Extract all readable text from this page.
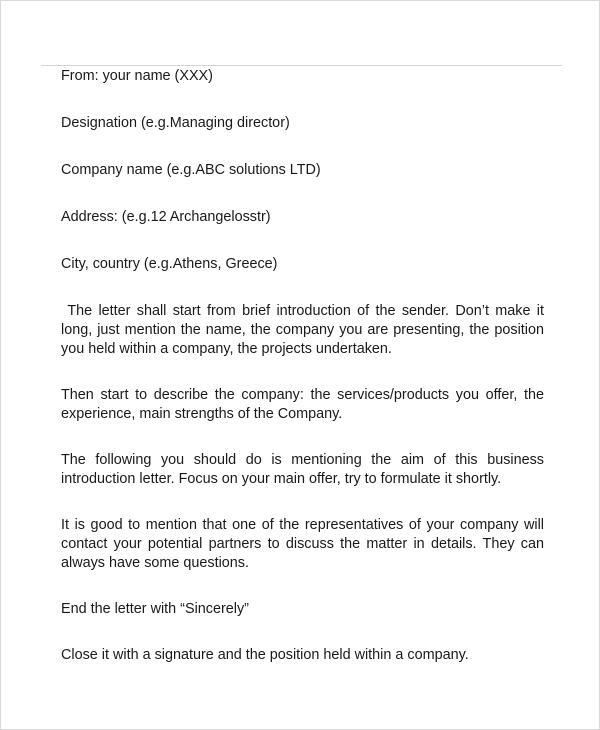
From: your name (XXX)

Designation (e.g.Managing director)

Company name (e.g.ABC solutions LTD)

Address: (e.g.12 Archangelosstr)

City, country (e.g.Athens, Greece)

The letter shall start from brief introduction of the sender. Don’t make it long, just mention the name, the company you are presenting, the position you held within a company, the projects undertaken.

Then start to describe the company: the services/products you offer, the experience, main strengths of the Company.

The following you should do is mentioning the aim of this business introduction letter. Focus on your main offer, try to formulate it shortly.

It is good to mention that one of the representatives of your company will contact your potential partners to discuss the matter in details. They can always have some questions.

End the letter with “Sincerely”

Close it with a signature and the position held within a company.
